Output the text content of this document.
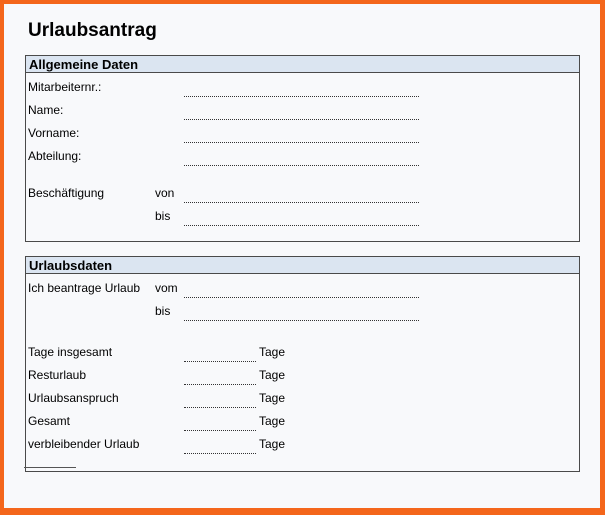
Urlaubsantrag
Allgemeine Daten
Mitarbeiternr.:
Name:
Vorname:
Abteilung:
Beschäftigung	von
bis
Urlaubsdaten
Ich beantrage Urlaub vom
bis
Tage insgesamt	Tage
Resturlaub	Tage
Urlaubsanspruch	Tage
Gesamt	Tage
verbleibender Urlaub	Tage
